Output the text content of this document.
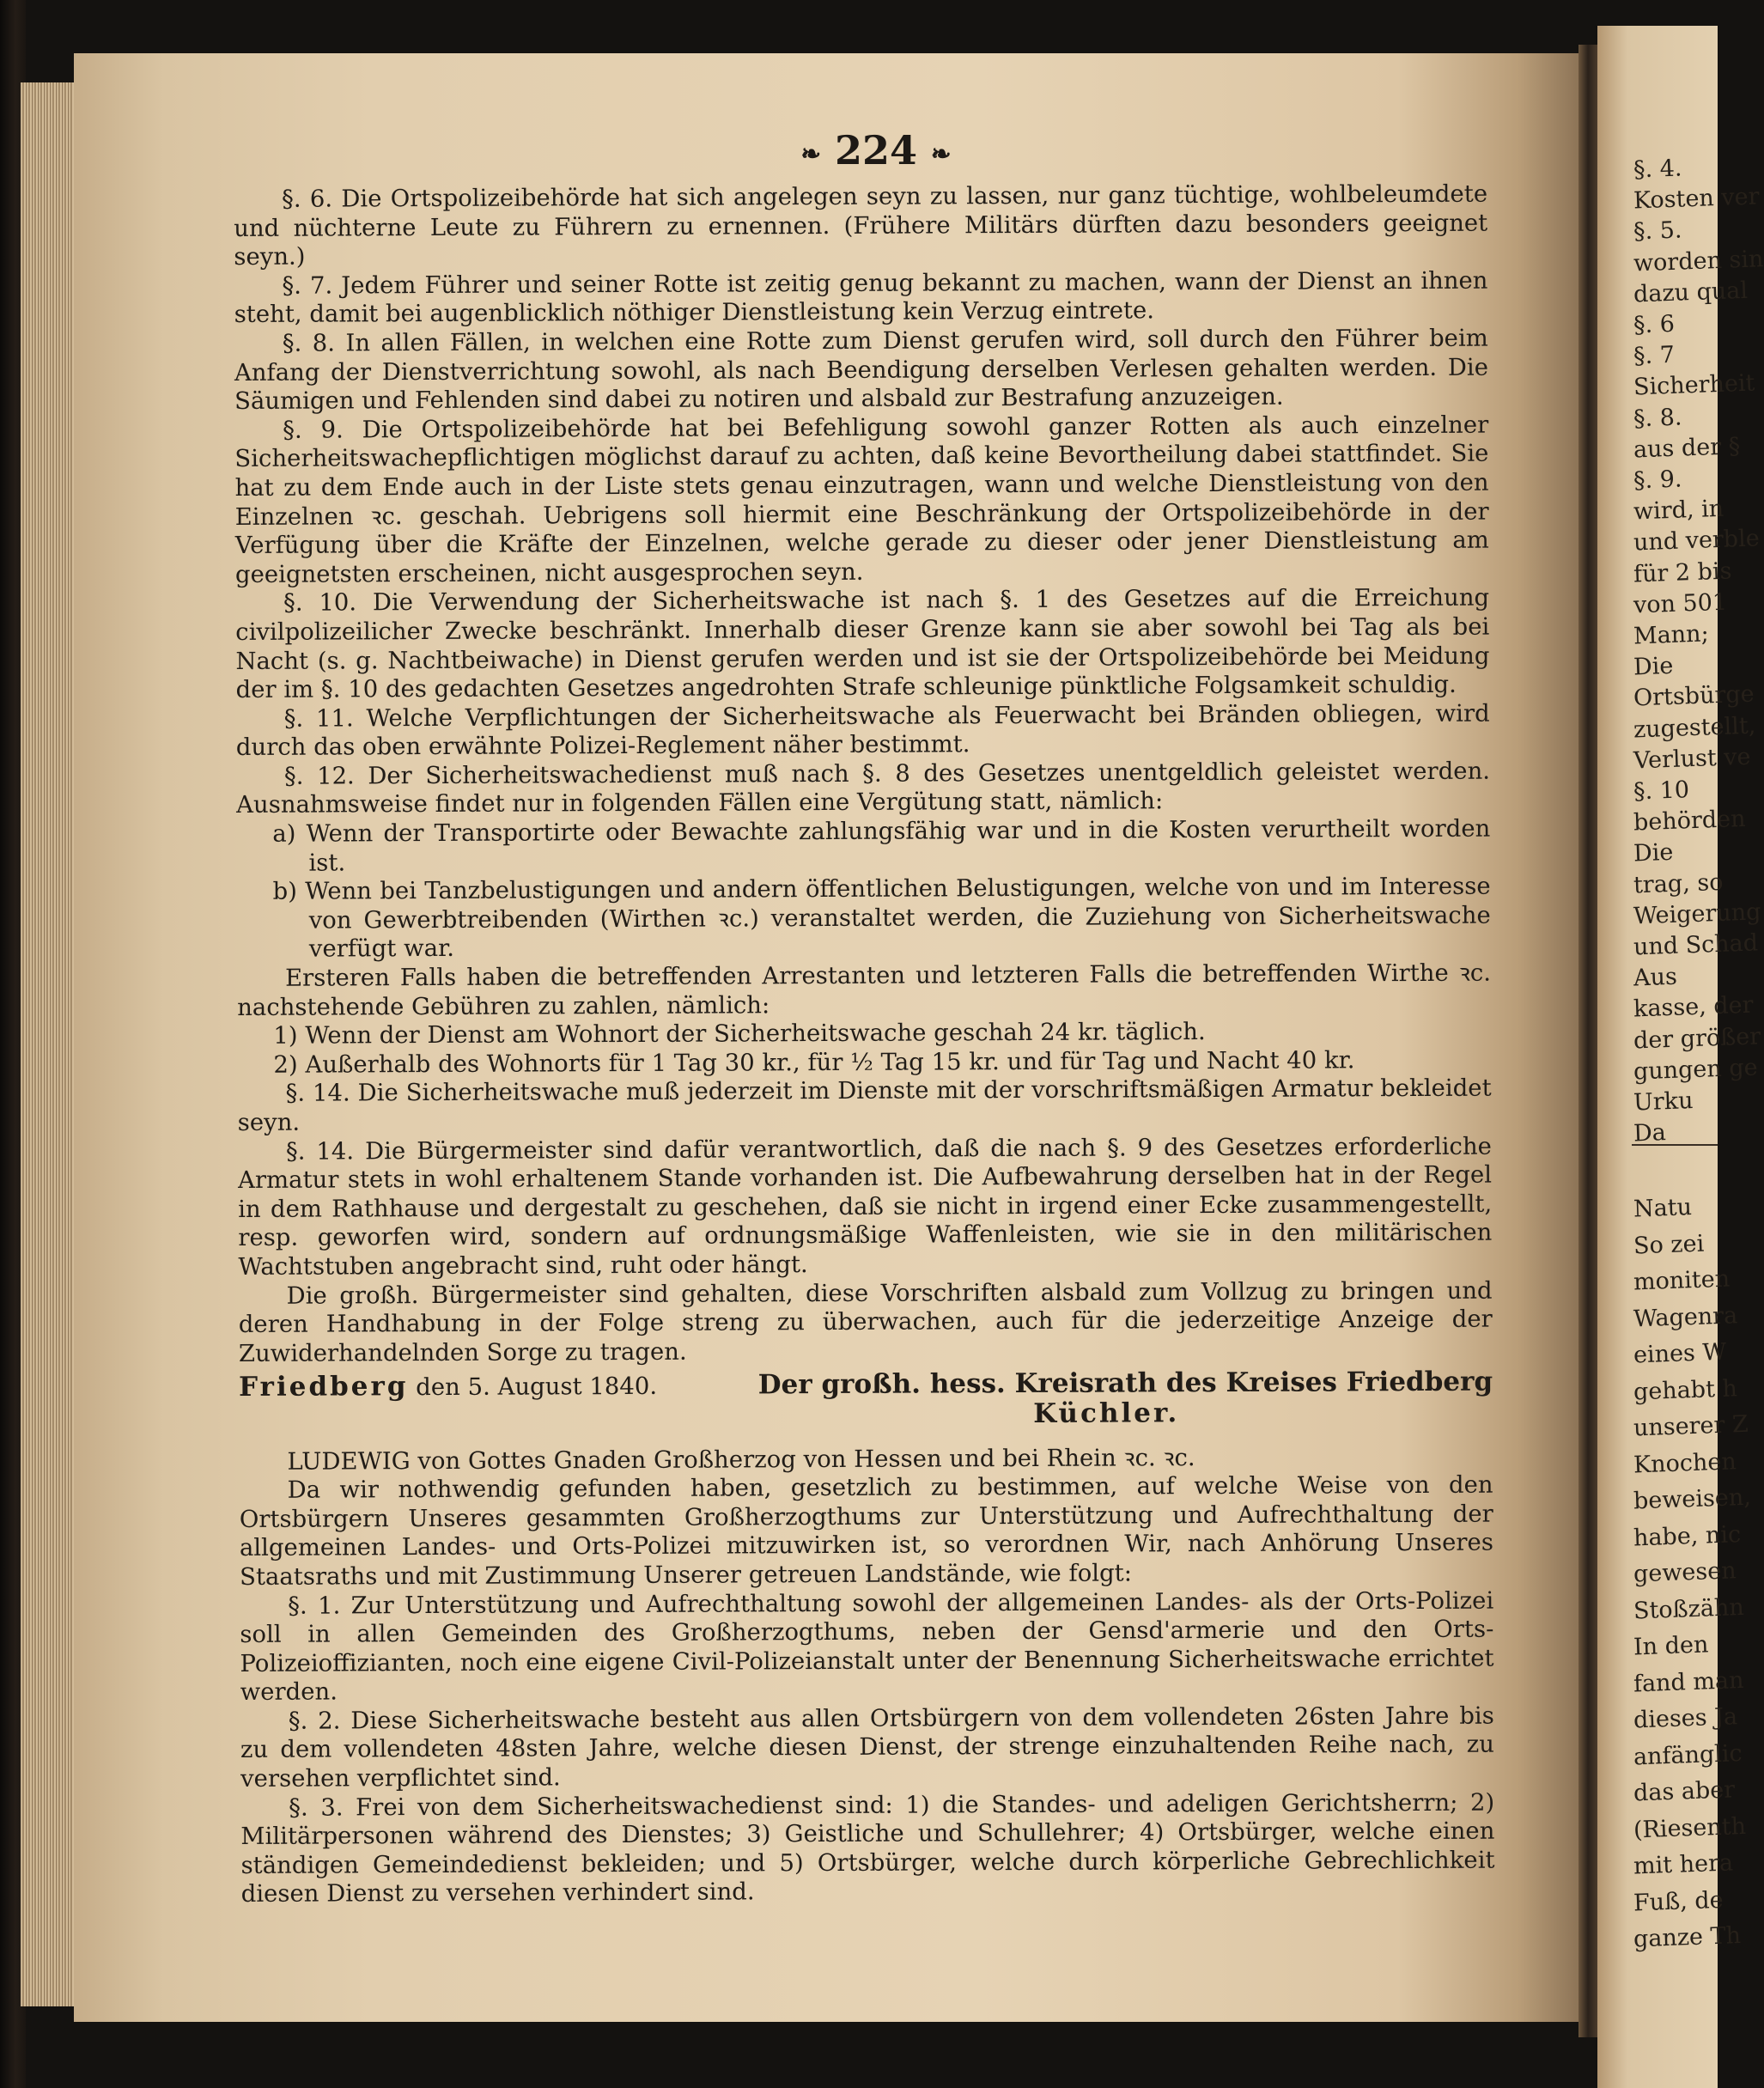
§. 4.
Kosten ver
§. 5.
worden sin
dazu qual
§. 6
§. 7
Sicherheit
§. 8.
aus der §
§. 9.
wird, in
und verble
für 2 bis
von 501
Mann;
Die
Ortsbürge
zugestellt,
Verlust ve
§. 10
behörden
Die
trag, so
Weigerung
und Schad
Aus
kasse, der
der größer
gungen ge
Urku
Da
Natu
So zei
moniten
Wagenra
eines W
gehabt h
unserer Z
Knochen
beweisen,
habe, nic
gewesen
Stoßzähn
In den
fand man
dieses Ja
anfänglic
das aber
(Riesenth
mit hera
Fuß, de
ganze Th
❧ 224 ❧

§. 6. Die Ortspolizeibehörde hat sich angelegen seyn zu lassen, nur ganz tüchtige, wohlbeleumdete und nüchterne Leute zu Führern zu ernennen. (Frühere Militärs dürften dazu besonders geeignet seyn.)

§. 7. Jedem Führer und seiner Rotte ist zeitig genug bekannt zu machen, wann der Dienst an ihnen steht, damit bei augenblicklich nöthiger Dienstleistung kein Verzug eintrete.

§. 8. In allen Fällen, in welchen eine Rotte zum Dienst gerufen wird, soll durch den Führer beim Anfang der Dienstverrichtung sowohl, als nach Beendigung derselben Verlesen gehalten werden. Die Säumigen und Fehlenden sind dabei zu notiren und alsbald zur Bestrafung anzuzeigen.

§. 9. Die Ortspolizeibehörde hat bei Befehligung sowohl ganzer Rotten als auch einzelner Sicherheitswachepflichtigen möglichst darauf zu achten, daß keine Bevortheilung dabei stattfindet. Sie hat zu dem Ende auch in der Liste stets genau einzutragen, wann und welche Dienstleistung von den Einzelnen ꝛc. geschah. Uebrigens soll hiermit eine Beschränkung der Ortspolizeibehörde in der Verfügung über die Kräfte der Einzelnen, welche gerade zu dieser oder jener Dienstleistung am geeignetsten erscheinen, nicht ausgesprochen seyn.

§. 10. Die Verwendung der Sicherheitswache ist nach §. 1 des Gesetzes auf die Erreichung civilpolizeilicher Zwecke beschränkt. Innerhalb dieser Grenze kann sie aber sowohl bei Tag als bei Nacht (s. g. Nachtbeiwache) in Dienst gerufen werden und ist sie der Ortspolizeibehörde bei Meidung der im §. 10 des gedachten Gesetzes angedrohten Strafe schleunige pünktliche Folgsamkeit schuldig.

§. 11. Welche Verpflichtungen der Sicherheitswache als Feuerwacht bei Bränden obliegen, wird durch das oben erwähnte Polizei-Reglement näher bestimmt.

§. 12. Der Sicherheitswachedienst muß nach §. 8 des Gesetzes unentgeldlich geleistet werden. Ausnahmsweise findet nur in folgenden Fällen eine Vergütung statt, nämlich:

a) Wenn der Transportirte oder Bewachte zahlungsfähig war und in die Kosten verurtheilt worden ist.

b) Wenn bei Tanzbelustigungen und andern öffentlichen Belustigungen, welche von und im Interesse von Gewerbtreibenden (Wirthen ꝛc.) veranstaltet werden, die Zuziehung von Sicherheitswache verfügt war.

Ersteren Falls haben die betreffenden Arrestanten und letzteren Falls die betreffenden Wirthe ꝛc. nachstehende Gebühren zu zahlen, nämlich:

1) Wenn der Dienst am Wohnort der Sicherheitswache geschah 24 kr. täglich.

2) Außerhalb des Wohnorts für 1 Tag 30 kr., für ½ Tag 15 kr. und für Tag und Nacht 40 kr.

§. 14. Die Sicherheitswache muß jederzeit im Dienste mit der vorschriftsmäßigen Armatur bekleidet seyn.

§. 14. Die Bürgermeister sind dafür verantwortlich, daß die nach §. 9 des Gesetzes erforderliche Armatur stets in wohl erhaltenem Stande vorhanden ist. Die Aufbewahrung derselben hat in der Regel in dem Rathhause und dergestalt zu geschehen, daß sie nicht in irgend einer Ecke zusammengestellt, resp. geworfen wird, sondern auf ordnungsmäßige Waffenleisten, wie sie in den militärischen Wachtstuben angebracht sind, ruht oder hängt.

Die großh. Bürgermeister sind gehalten, diese Vorschriften alsbald zum Vollzug zu bringen und deren Handhabung in der Folge streng zu überwachen, auch für die jederzeitige Anzeige der Zuwiderhandelnden Sorge zu tragen.

Friedberg den 5. August 1840.	Der großh. hess. Kreisrath des Kreises Friedberg

Küchler.

LUDEWIG von Gottes Gnaden Großherzog von Hessen und bei Rhein ꝛc. ꝛc.

Da wir nothwendig gefunden haben, gesetzlich zu bestimmen, auf welche Weise von den Ortsbürgern Unseres gesammten Großherzogthums zur Unterstützung und Aufrechthaltung der allgemeinen Landes- und Orts-Polizei mitzuwirken ist, so verordnen Wir, nach Anhörung Unseres Staatsraths und mit Zustimmung Unserer getreuen Landstände, wie folgt:

§. 1. Zur Unterstützung und Aufrechthaltung sowohl der allgemeinen Landes- als der Orts-Polizei soll in allen Gemeinden des Großherzogthums, neben der Gensd'armerie und den Orts-Polizeioffizianten, noch eine eigene Civil-Polizeianstalt unter der Benennung Sicherheitswache errichtet werden.

§. 2. Diese Sicherheitswache besteht aus allen Ortsbürgern von dem vollendeten 26sten Jahre bis zu dem vollendeten 48sten Jahre, welche diesen Dienst, der strenge einzuhaltenden Reihe nach, zu versehen verpflichtet sind.

§. 3. Frei von dem Sicherheitswachedienst sind: 1) die Standes- und adeligen Gerichtsherrn; 2) Militärpersonen während des Dienstes; 3) Geistliche und Schullehrer; 4) Ortsbürger, welche einen ständigen Gemeindedienst bekleiden; und 5) Ortsbürger, welche durch körperliche Gebrechlichkeit diesen Dienst zu versehen verhindert sind.
